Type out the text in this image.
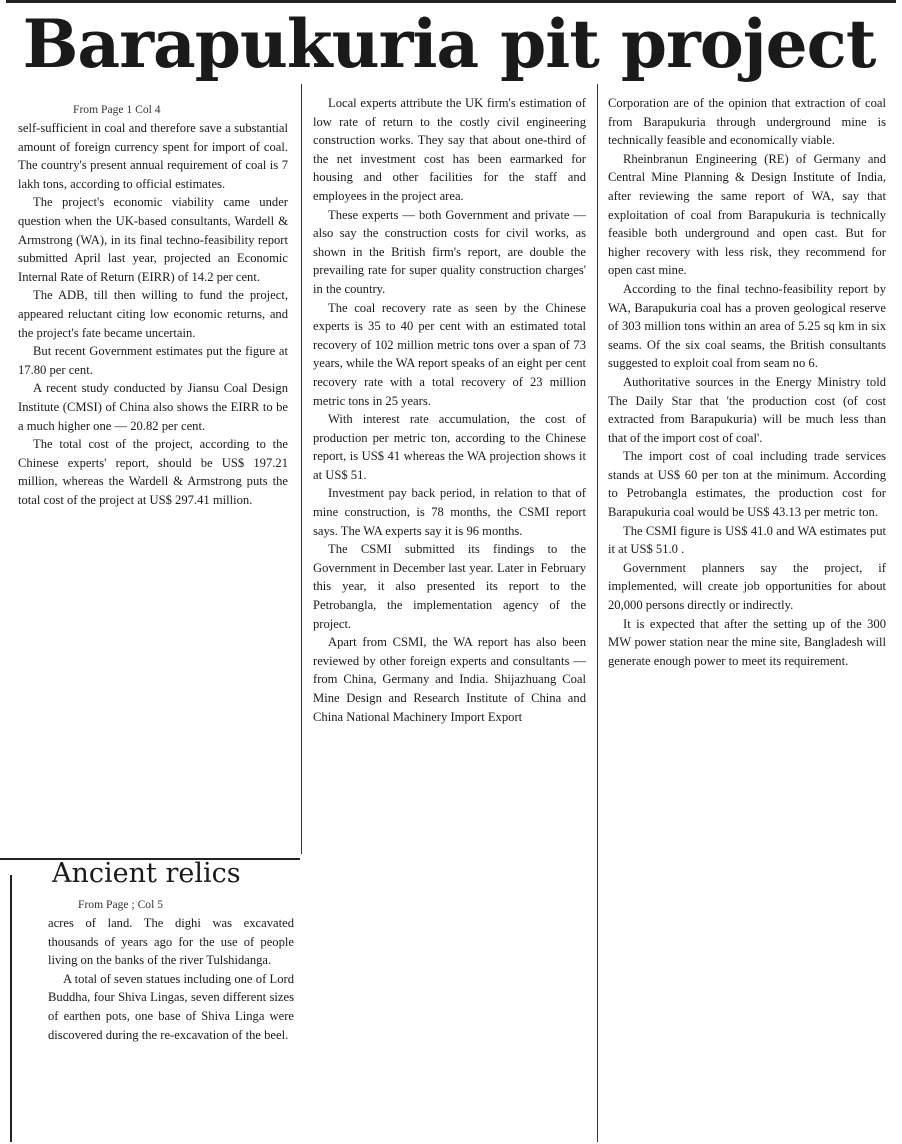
Barapukuria pit project
From Page 1 Col 4

self-sufficient in coal and therefore save a substantial amount of foreign currency spent for import of coal. The country's present annual requirement of coal is 7 lakh tons, according to official estimates.

The project's economic viability came under question when the UK-based consultants, Wardell & Armstrong (WA), in its final techno-feasibility report submitted April last year, projected an Economic Internal Rate of Return (EIRR) of 14.2 per cent.

The ADB, till then willing to fund the project, appeared reluctant citing low economic returns, and the project's fate became uncertain.

But recent Government estimates put the figure at 17.80 per cent.

A recent study conducted by Jiansu Coal Design Institute (CMSI) of China also shows the EIRR to be a much higher one — 20.82 per cent.

The total cost of the project, according to the Chinese experts' report, should be US$ 197.21 million, whereas the Wardell & Armstrong puts the total cost of the project at US$ 297.41 million.

Local experts attribute the UK firm's estimation of low rate of return to the costly civil engineering construction works. They say that about one-third of the net investment cost has been earmarked for housing and other facilities for the staff and employees in the project area.

These experts — both Government and private — also say the construction costs for civil works, as shown in the British firm's report, are double the prevailing rate for super quality construction charges' in the country.

The coal recovery rate as seen by the Chinese experts is 35 to 40 per cent with an estimated total recovery of 102 million metric tons over a span of 73 years, while the WA report speaks of an eight per cent recovery rate with a total recovery of 23 million metric tons in 25 years.

With interest rate accumulation, the cost of production per metric ton, according to the Chinese report, is US$ 41 whereas the WA projection shows it at US$ 51.

Investment pay back period, in relation to that of mine construction, is 78 months, the CSMI report says. The WA experts say it is 96 months.

The CSMI submitted its findings to the Government in December last year. Later in February this year, it also presented its report to the Petrobangla, the implementation agency of the project.

Apart from CSMI, the WA report has also been reviewed by other foreign experts and consultants — from China, Germany and India. Shijazhuang Coal Mine Design and Research Institute of China and China National Machinery Import Export

Corporation are of the opinion that extraction of coal from Barapukuria through underground mine is technically feasible and economically viable.

Rheinbranun Engineering (RE) of Germany and Central Mine Planning & Design Institute of India, after reviewing the same report of WA, say that exploitation of coal from Barapukuria is technically feasible both underground and open cast. But for higher recovery with less risk, they recommend for open cast mine.

According to the final techno-feasibility report by WA, Barapukuria coal has a proven geological reserve of 303 million tons within an area of 5.25 sq km in six seams. Of the six coal seams, the British consultants suggested to exploit coal from seam no 6.

Authoritative sources in the Energy Ministry told The Daily Star that 'the production cost (of cost extracted from Barapukuria) will be much less than that of the import cost of coal'.

The import cost of coal including trade services stands at US$ 60 per ton at the minimum. According to Petrobangla estimates, the production cost for Barapukuria coal would be US$ 43.13 per metric ton.

The CSMI figure is US$ 41.0 and WA estimates put it at US$ 51.0 .

Government planners say the project, if implemented, will create job opportunities for about 20,000 persons directly or indirectly.

It is expected that after the setting up of the 300 MW power station near the mine site, Bangladesh will generate enough power to meet its requirement.

Ancient relics
From Page ; Col 5

acres of land. The dighi was excavated thousands of years ago for the use of people living on the banks of the river Tulshidanga.

A total of seven statues including one of Lord Buddha, four Shiva Lingas, seven different sizes of earthen pots, one base of Shiva Linga were discovered during the re-excavation of the beel.
